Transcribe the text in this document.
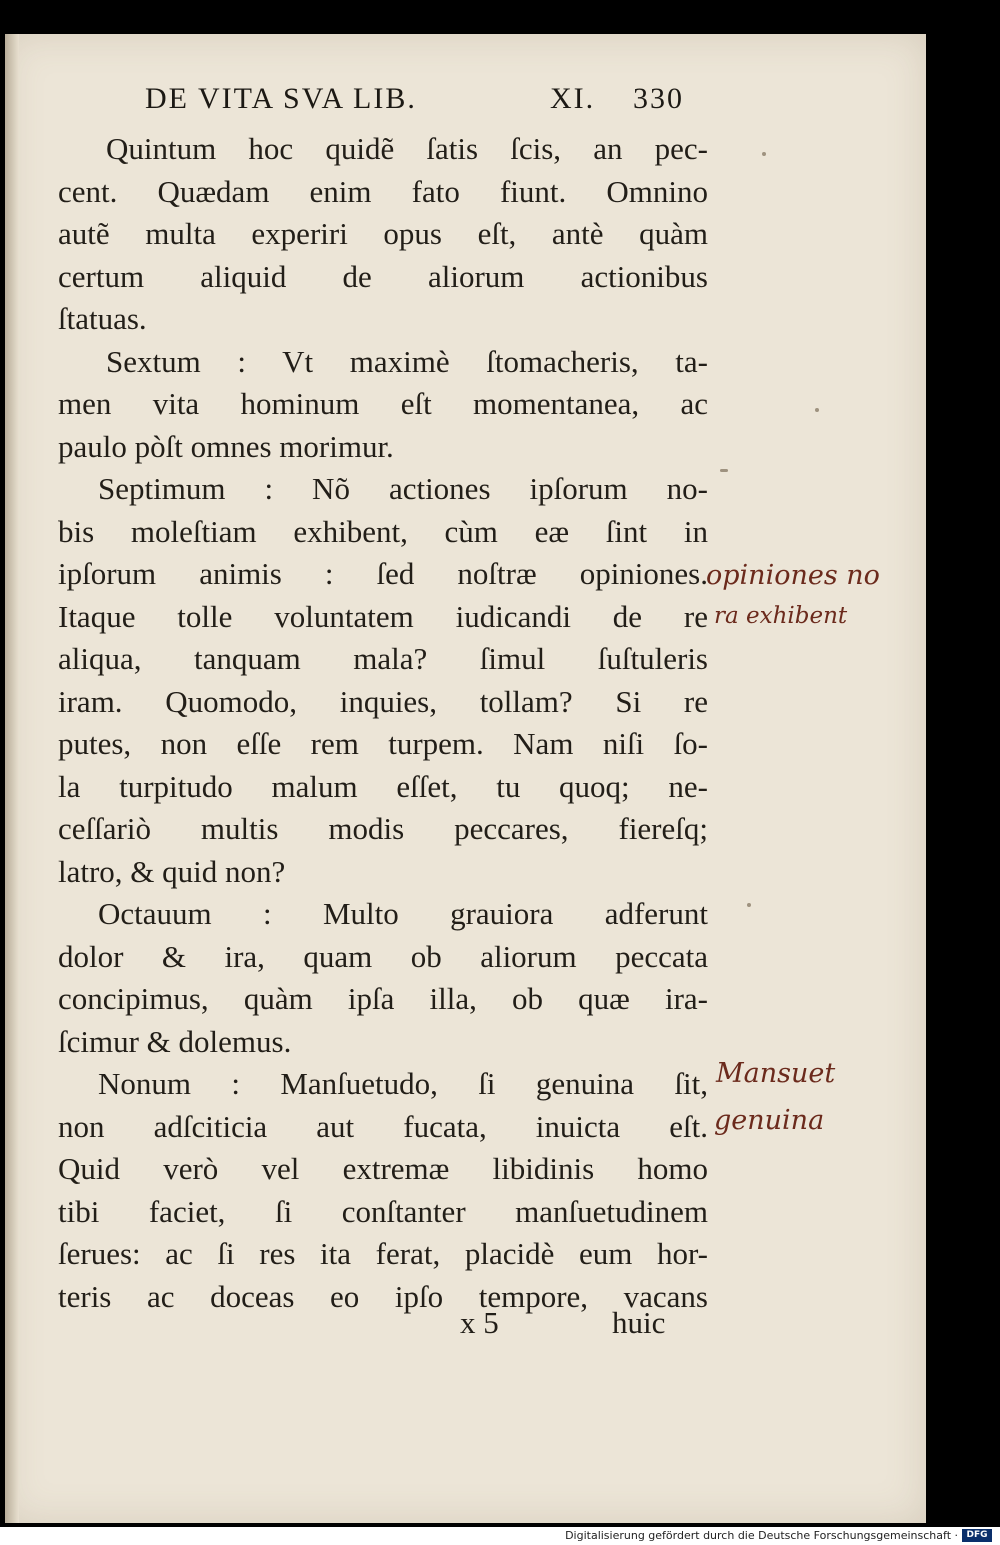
DE VITA SVA LIB.	XI. 330
Quintum hoc quidẽ ſatis ſcis, an pec-
cent. Quædam enim fato fiunt. Omnino
autẽ multa experiri opus eſt, antè quàm
certum aliquid de aliorum actionibus
ſtatuas.
Sextum : Vt maximè ſtomacheris, ta-
men vita hominum eſt momentanea, ac
paulo pòſt omnes morimur.
Septimum : Nõ actiones ipſorum no-
bis moleſtiam exhibent, cùm eæ ſint in
ipſorum animis : ſed noſtræ opiniones.
Itaque tolle voluntatem iudicandi de re
aliqua, tanquam mala? ſimul ſuſtuleris
iram. Quomodo, inquies, tollam? Si re
putes, non eſſe rem turpem. Nam niſi ſo-
la turpitudo malum eſſet, tu quoq; ne-
ceſſariò multis modis peccares, fiereſq;
latro, & quid non?
Octauum : Multo grauiora adferunt
dolor & ira, quam ob aliorum peccata
concipimus, quàm ipſa illa, ob quæ ira-
ſcimur & dolemus.
Nonum : Manſuetudo, ſi genuina ſit,
non adſciticia aut fucata, inuicta eſt.
Quid verò vel extremæ libidinis homo
tibi faciet, ſi conſtanter manſuetudinem
ſerues: ac ſi res ita ferat, placidè eum hor-
teris ac doceas eo ipſo tempore, vacans
x 5	huic
opiniones no
ra exhibent
Mansuet
genuina
Digitalisierung gefördert durch die Deutsche Forschungsgemeinschaft · DFG
